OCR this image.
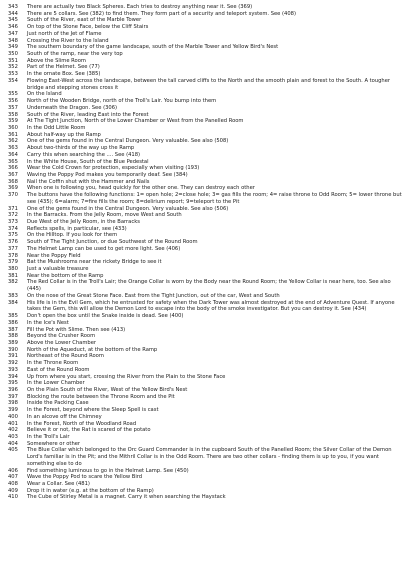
343	There are actually two Black Spheres. Each tries to destroy anything near it. See (369)
344	There are 5 collars. See (382) to find them. They form part of a security and teleport system. See (408)
345	South of the River, east of the Marble Tower
346	On top of the Stone Face, below the Cliff Stairs
347	Just north of the Jet of Flame
348	Crossing the River to the Island
349	The southern boundary of the game landscape, south of the Marble Tower and Yellow Bird's Nest
350	South of the ramp, near the very top
351	Above the Slime Room
352	Part of the Helmet. See (77)
353	In the ornate Box. See (385)
354	Flowing East-West across the landscape, between the tall carved cliffs to the North and the smooth plain and forest to the South. A tougher bridge and stepping stones cross it
355	On the Island
356	North of the Wooden Bridge, north of the Troll's Lair. You bump into them
357	Underneath the Dragon. See (306)
358	South of the River, leading East into the Forest
359	At The Tight Junction, North of the Lower Chamber or West from the Panelled Room
360	In the Odd Little Room
361	About half-way up the Ramp
362	One of the gems found in the Central Dungeon. Very valuable. See also (508)
363	About two-thirds of the way up the Ramp
364	Carry this when searching the .... See (418)
365	In the White House, South of the Blue Pedestal
366	Wear the Cold Crown for protection, especially when visiting (193)
367	Waving the Poppy Pod makes you temporarily deaf. See (384)
368	Nail the Coffin shut with the Hammer and Nails
369	When one is following you, head quickly for the other one. They can destroy each other
370	The buttons have the following functions: 1= open hole; 2=close hole; 3= gas fills the room; 4= raise throne to Odd Room; 5= lower throne but see (435); 6=alarm; 7=fire fills the room; 8=delirium report; 9=teleport to the Pit
371	One of the gems found in the Central Dungeon. Very valuable. See also (506)
372	In the Barracks. From the Jelly Room, move West and South
373	Due West of the Jelly Room, in the Barracks
374	Reflects spells, in particular, see (433)
375	On the Hilltop. If you look for them
376	South of The Tight Junction, or due Southwest of the Round Room
377	The Helmet Lamp can be used to get more light. See (406)
378	Near the Poppy Field
379	Bat the Mushrooms near the rickety Bridge to see it
380	Just a valuable treasure
381	Near the bottom of the Ramp
382	The Red Collar is in the Troll's Lair; the Orange Collar is worn by the Body near the Round Room; the Yellow Collar is near here, too. See also (445)
383	On the nose of the Great Stone Face. East from the Tight Junction, out of the car, West and South
384	His life is in the Evil Gem, which he entrusted for safety when the Dark Tower was almost destroyed at the end of Adventure Quest. If anyone takes the Gem, this will allow the Demon Lord to escape into the body of the smoke investigator. But you can destroy it. See (434)
385	Don't open the box until the Snake inside is dead. See (400)
386	In the Ice's Nest
387	Fill the Pot with Slime. Then see (413)
388	Beyond the Crusher Room
389	Above the Lower Chamber
390	North of the Aqueduct, at the bottom of the Ramp
391	Northeast of the Round Room
392	In the Throne Room
393	East of the Round Room
394	Up from where you start, crossing the River from the Plain to the Stone Face
395	In the Lower Chamber
396	On the Plain South of the River, West of the Yellow Bird's Nest
397	Blocking the route between the Throne Room and the Pit
398	Inside the Packing Case
399	In the Forest, beyond where the Sleep Spell is cast
400	In an alcove off the Chimney
401	In the Forest, North of the Woodland Road
402	Believe it or not, the Rat is scared of the potato
403	In the Troll's Lair
404	Somewhere or other
405	The Blue Collar which belonged to the Orc Guard Commander is in the cupboard South of the Panelled Room; the Silver Collar of the Demon Lord's familiar is in the Pit; and the Mithril Collar is in the Odd Room. There are two other collars - finding them is up to you, if you want something else to do
406	Find something luminous to go in the Helmet Lamp. See (450)
407	Wave the Poppy Pod to scare the Yellow Bird
408	Wear a Collar. See (481)
409	Drop it in water (e.g. at the bottom of the Ramp)
410	The Cube of Stirley Metal is a magnet. Carry it when searching the Haystack
